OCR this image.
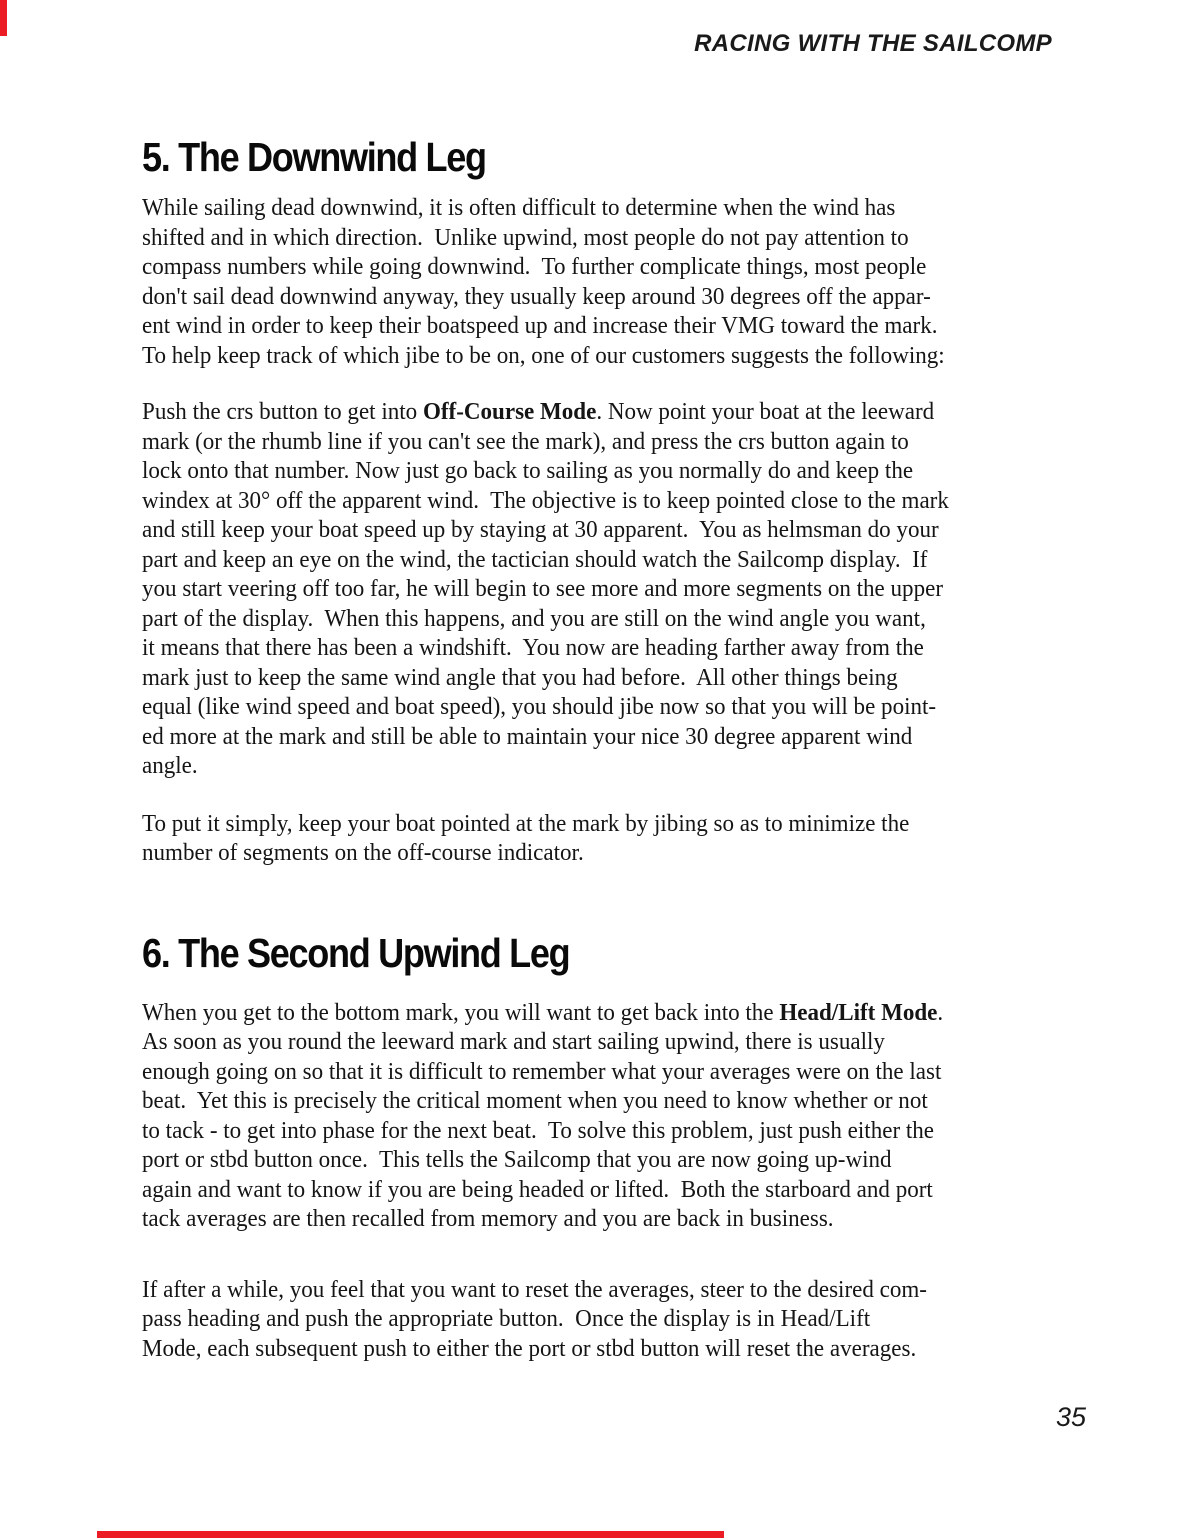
RACING WITH THE SAILCOMP
5. The Downwind Leg
While sailing dead downwind, it is often difficult to determine when the wind has
shifted and in which direction.  Unlike upwind, most people do not pay attention to
compass numbers while going downwind.  To further complicate things, most people
don't sail dead downwind anyway, they usually keep around 30 degrees off the appar-
ent wind in order to keep their boatspeed up and increase their VMG toward the mark.
To help keep track of which jibe to be on, one of our customers suggests the following:
Push the crs button to get into Off-Course Mode. Now point your boat at the leeward
mark (or the rhumb line if you can't see the mark), and press the crs button again to
lock onto that number. Now just go back to sailing as you normally do and keep the
windex at 30° off the apparent wind.  The objective is to keep pointed close to the mark
and still keep your boat speed up by staying at 30 apparent.  You as helmsman do your
part and keep an eye on the wind, the tactician should watch the Sailcomp display.  If
you start veering off too far, he will begin to see more and more segments on the upper
part of the display.  When this happens, and you are still on the wind angle you want,
it means that there has been a windshift.  You now are heading farther away from the
mark just to keep the same wind angle that you had before.  All other things being
equal (like wind speed and boat speed), you should jibe now so that you will be point-
ed more at the mark and still be able to maintain your nice 30 degree apparent wind
angle.
To put it simply, keep your boat pointed at the mark by jibing so as to minimize the
number of segments on the off-course indicator.
6. The Second Upwind Leg
When you get to the bottom mark, you will want to get back into the Head/Lift Mode.
As soon as you round the leeward mark and start sailing upwind, there is usually
enough going on so that it is difficult to remember what your averages were on the last
beat.  Yet this is precisely the critical moment when you need to know whether or not
to tack - to get into phase for the next beat.  To solve this problem, just push either the
port or stbd button once.  This tells the Sailcomp that you are now going up-wind
again and want to know if you are being headed or lifted.  Both the starboard and port
tack averages are then recalled from memory and you are back in business.
If after a while, you feel that you want to reset the averages, steer to the desired com-
pass heading and push the appropriate button.  Once the display is in Head/Lift
Mode, each subsequent push to either the port or stbd button will reset the averages.
35
